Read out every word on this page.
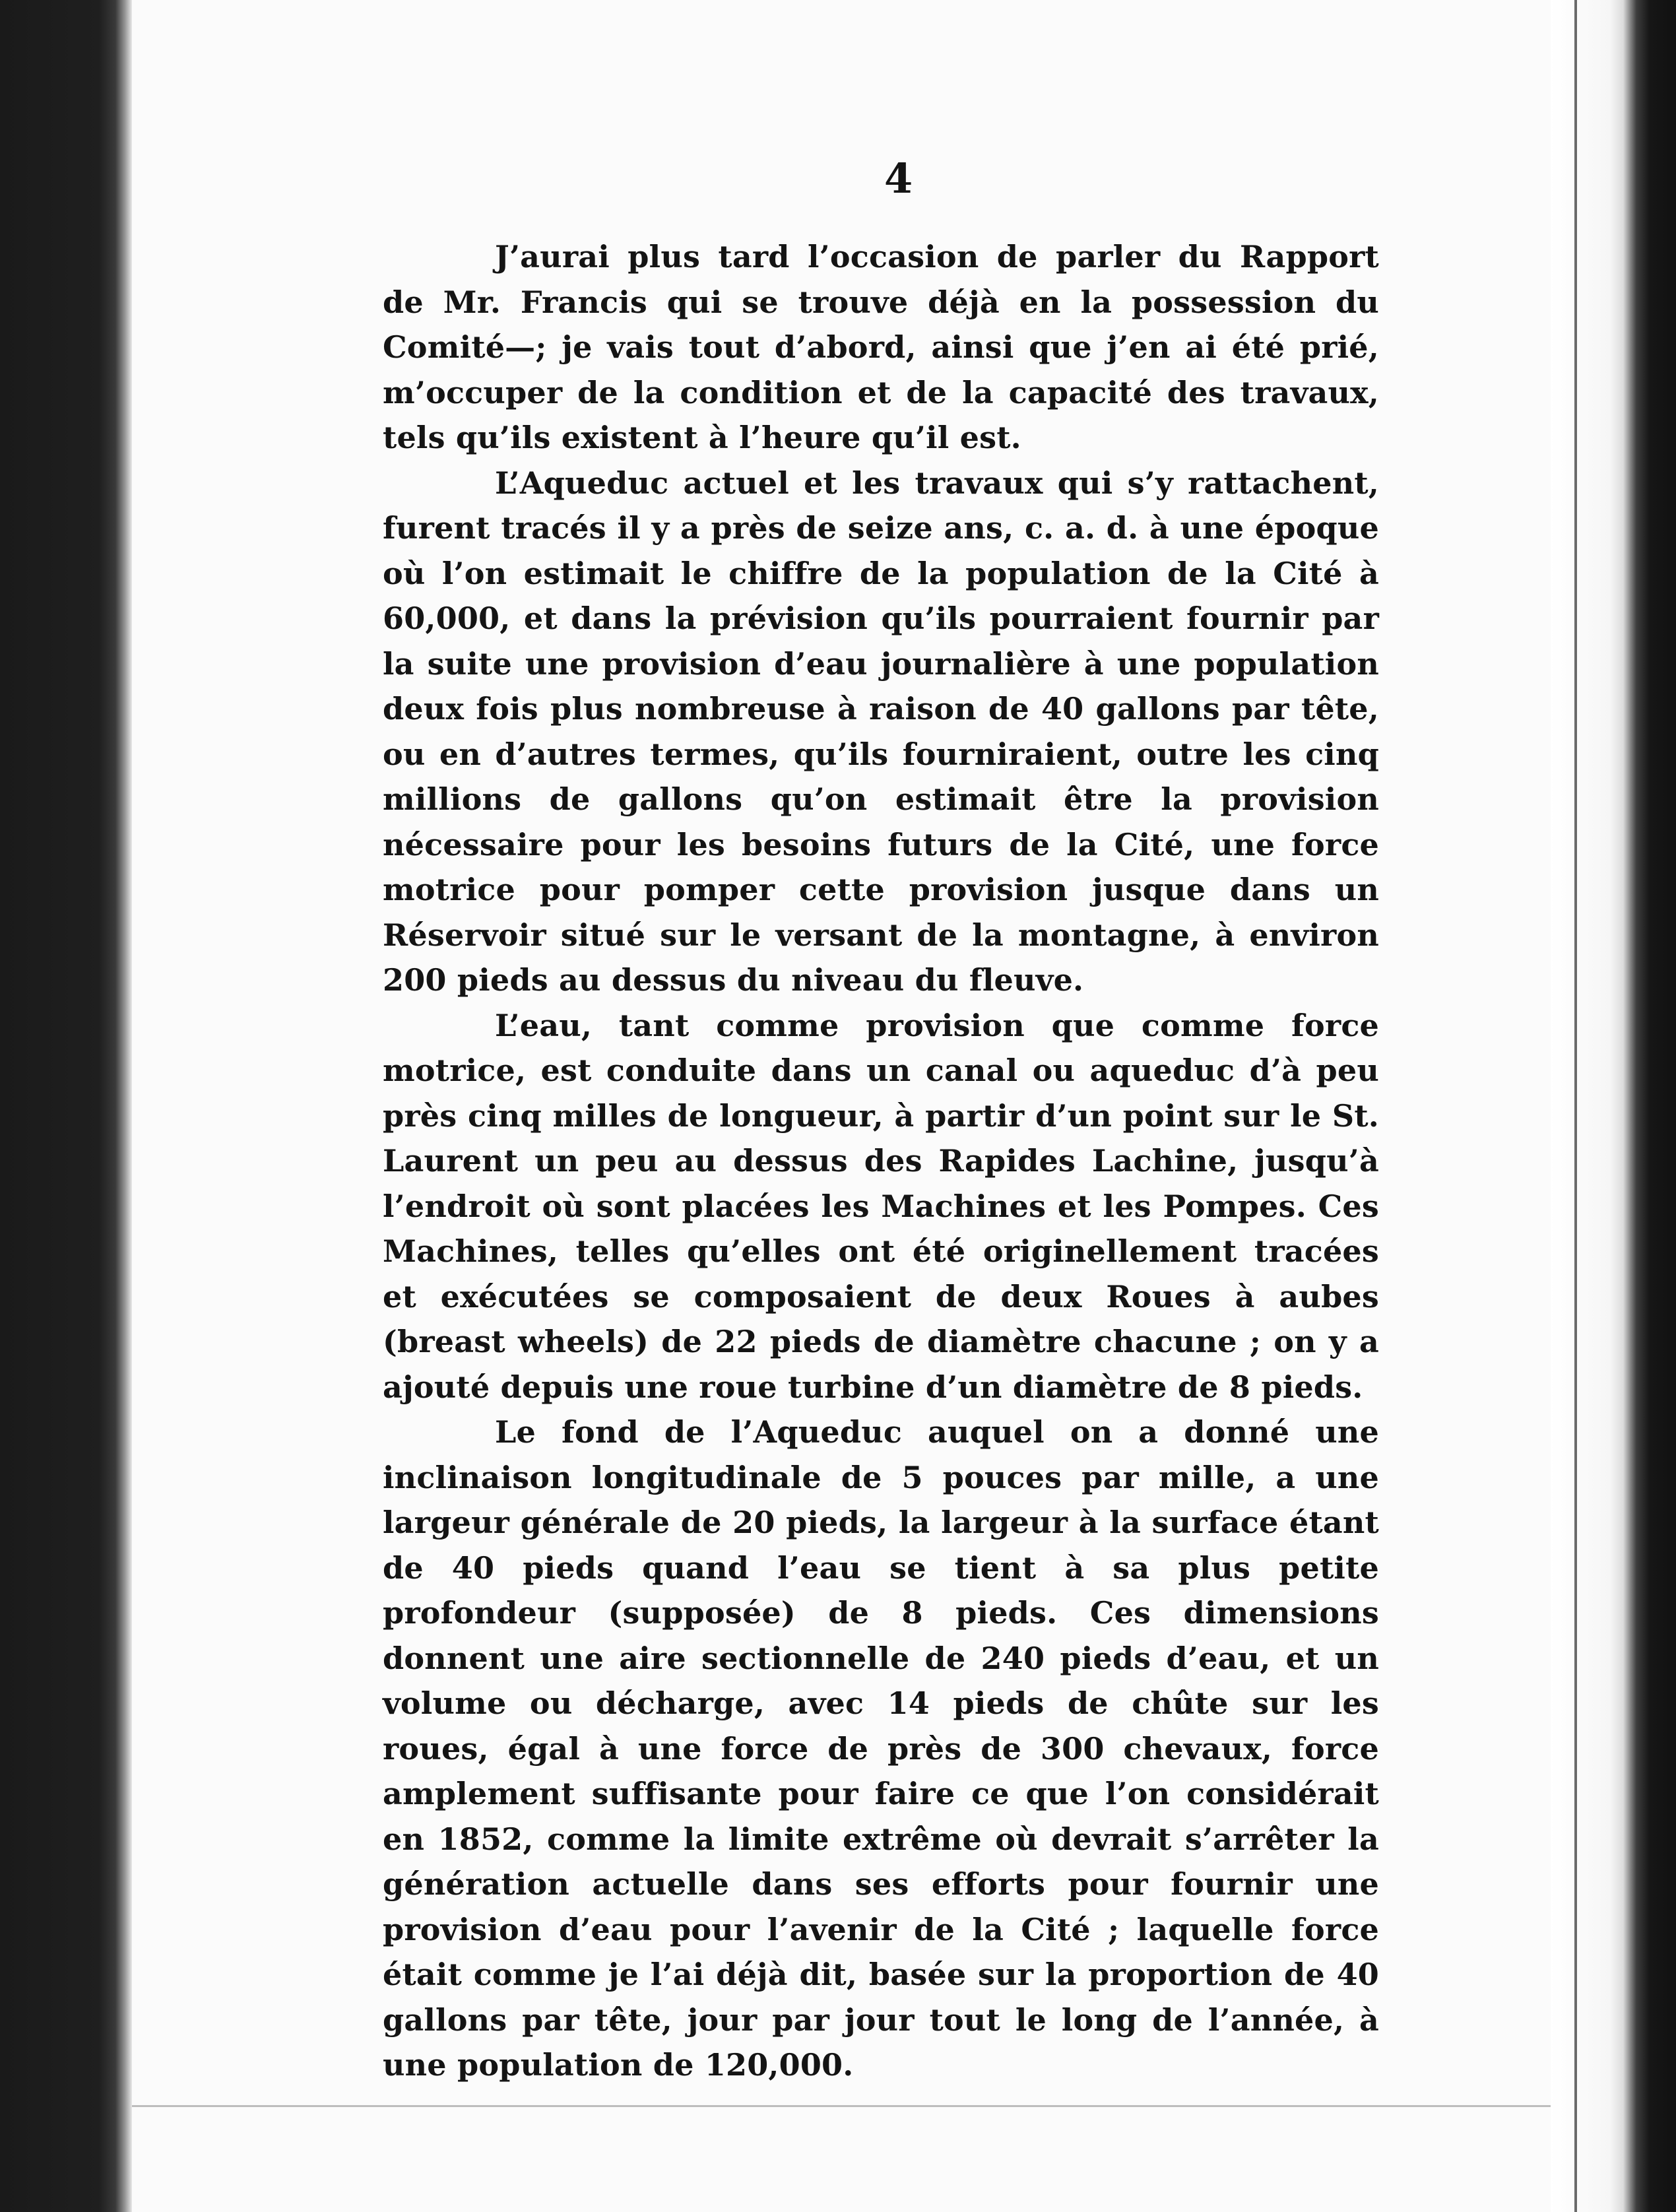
4

J’aurai plus tard l’occasion de parler du Rapport de Mr. Francis qui se trouve déjà en la possession du Comité—; je vais tout d’abord, ainsi que j’en ai été prié, m’occuper de la condition et de la capacité des travaux, tels qu’ils existent à l’heure qu’il est.

L’Aqueduc actuel et les travaux qui s’y rattachent, furent tracés il y a près de seize ans, c. a. d. à une époque où l’on estimait le chiffre de la population de la Cité à 60,000, et dans la prévision qu’ils pourraient fournir par la suite une provision d’eau journalière à une population deux fois plus nombreuse à raison de 40 gallons par tête, ou en d’autres termes, qu’ils fourniraient, outre les cinq millions de gallons qu’on estimait être la provision nécessaire pour les besoins futurs de la Cité, une force motrice pour pomper cette provision jusque dans un Réservoir situé sur le versant de la montagne, à environ 200 pieds au dessus du niveau du fleuve.

L’eau, tant comme provision que comme force motrice, est conduite dans un canal ou aqueduc d’à peu près cinq milles de longueur, à partir d’un point sur le St. Laurent un peu au dessus des Rapides Lachine, jusqu’à l’endroit où sont placées les Machines et les Pompes. Ces Machines, telles qu’elles ont été originellement tracées et exécutées se composaient de deux Roues à aubes (breast wheels) de 22 pieds de diamètre chacune ; on y a ajouté depuis une roue turbine d’un diamètre de 8 pieds.

Le fond de l’Aqueduc auquel on a donné une inclinaison longitudinale de 5 pouces par mille, a une largeur générale de 20 pieds, la largeur à la surface étant de 40 pieds quand l’eau se tient à sa plus petite profondeur (supposée) de 8 pieds. Ces dimensions donnent une aire sectionnelle de 240 pieds d’eau, et un volume ou décharge, avec 14 pieds de chûte sur les roues, égal à une force de près de 300 chevaux, force amplement suffisante pour faire ce que l’on considérait en 1852, comme la limite extrême où devrait s’arrêter la génération actuelle dans ses efforts pour fournir une provision d’eau pour l’avenir de la Cité ; laquelle force était comme je l’ai déjà dit, basée sur la proportion de 40 gallons par tête, jour par jour tout le long de l’année, à une population de 120,000.
